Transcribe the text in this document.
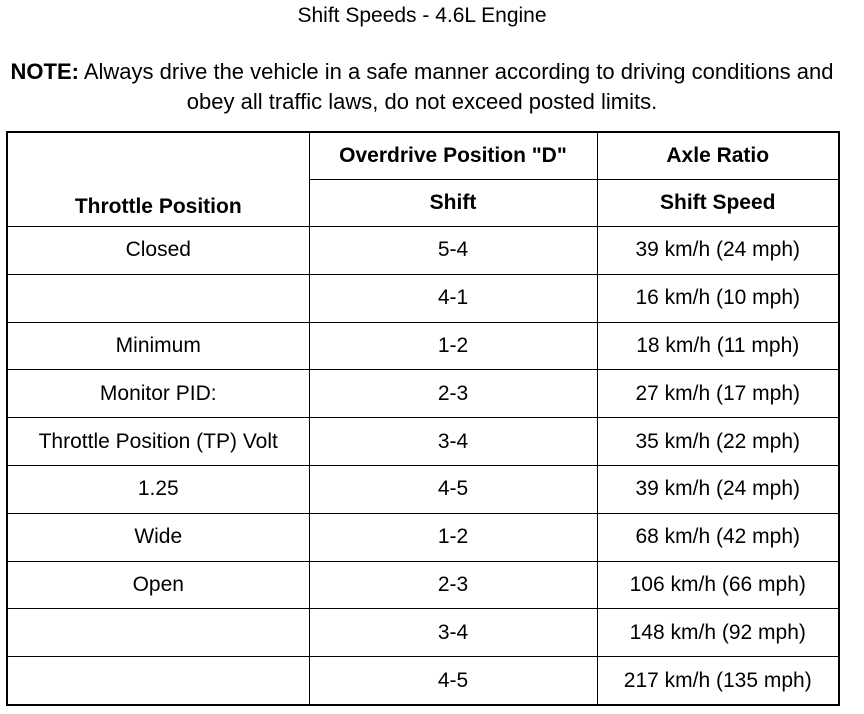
Shift Speeds - 4.6L Engine
NOTE: Always drive the vehicle in a safe manner according to driving conditions and obey all traffic laws, do not exceed posted limits.
Throttle Position	Overdrive Position "D"	Axle Ratio
	Shift	Shift Speed
Closed	5-4	39 km/h (24 mph)
	4-1	16 km/h (10 mph)
Minimum	1-2	18 km/h (11 mph)
Monitor PID:	2-3	27 km/h (17 mph)
Throttle Position (TP) Volt	3-4	35 km/h (22 mph)
1.25	4-5	39 km/h (24 mph)
Wide	1-2	68 km/h (42 mph)
Open	2-3	106 km/h (66 mph)
	3-4	148 km/h (92 mph)
	4-5	217 km/h (135 mph)
